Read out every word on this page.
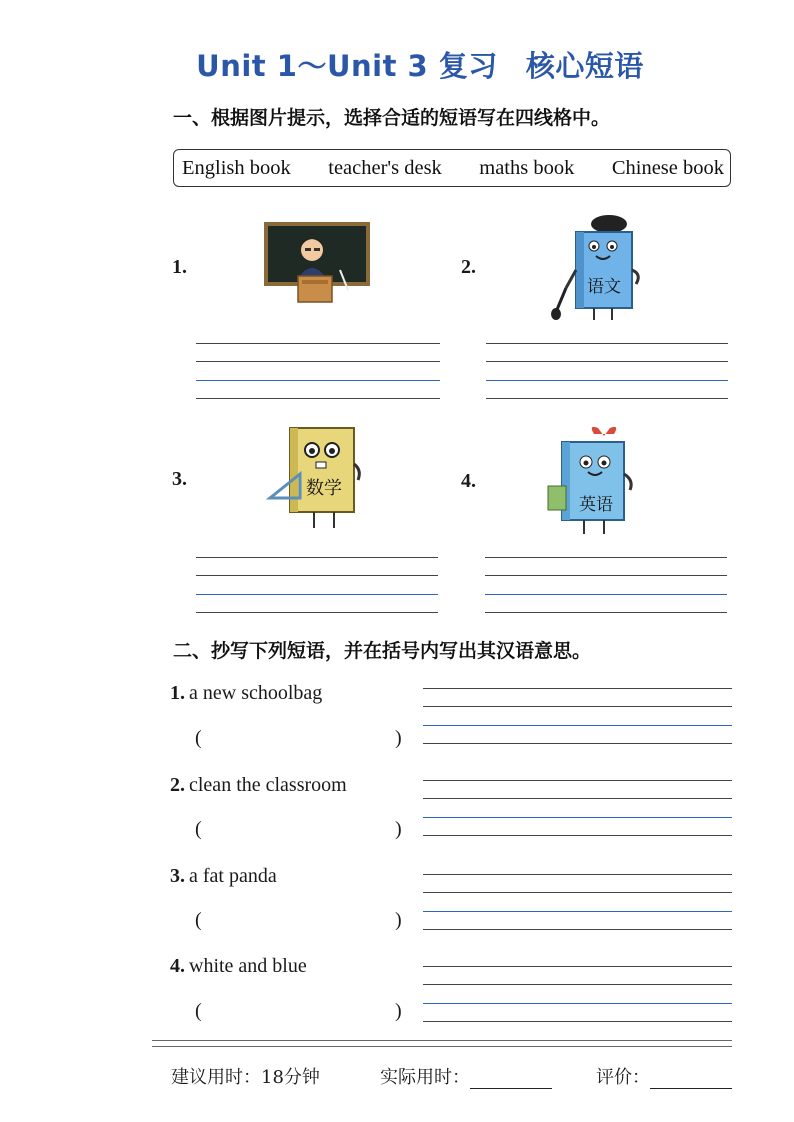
Unit 1～Unit 3 复习 核心短语
一、根据图片提示，选择合适的短语写在四线格中。
English book teacher's desk maths book Chinese book
1.	2.
3.	4.
语文
数学
英语
二、抄写下列短语，并在括号内写出其汉语意思。
1. a new schoolbag
(	)
2. clean the classroom
(	)
3. a fat panda
(	)
4. white and blue
(	)
建议用时：18分钟	实际用时：	评价：
